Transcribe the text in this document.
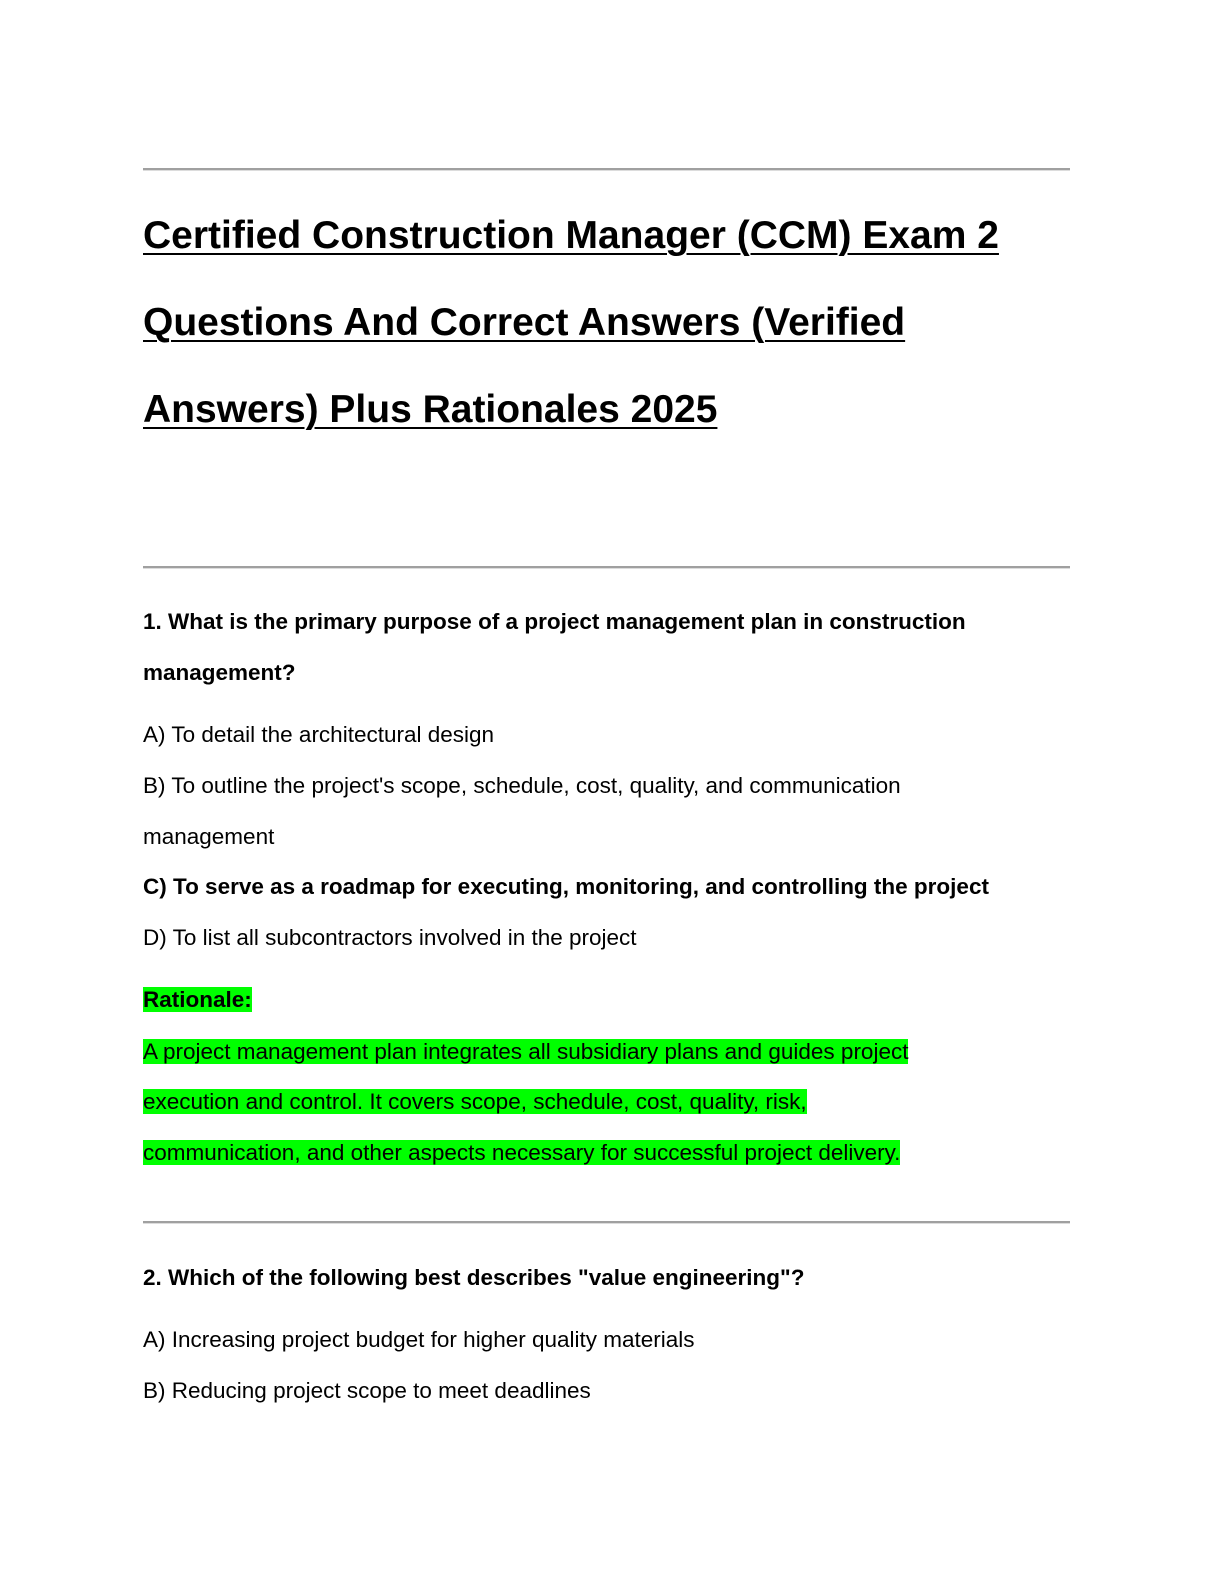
Certified Construction Manager (CCM) Exam 2

Questions And Correct Answers (Verified

Answers) Plus Rationales 2025

1. What is the primary purpose of a project management plan in construction

management?

A) To detail the architectural design

B) To outline the project's scope, schedule, cost, quality, and communication

management

C) To serve as a roadmap for executing, monitoring, and controlling the project

D) To list all subcontractors involved in the project

Rationale:

A project management plan integrates all subsidiary plans and guides project

execution and control. It covers scope, schedule, cost, quality, risk,

communication, and other aspects necessary for successful project delivery.

2. Which of the following best describes "value engineering"?

A) Increasing project budget for higher quality materials

B) Reducing project scope to meet deadlines
